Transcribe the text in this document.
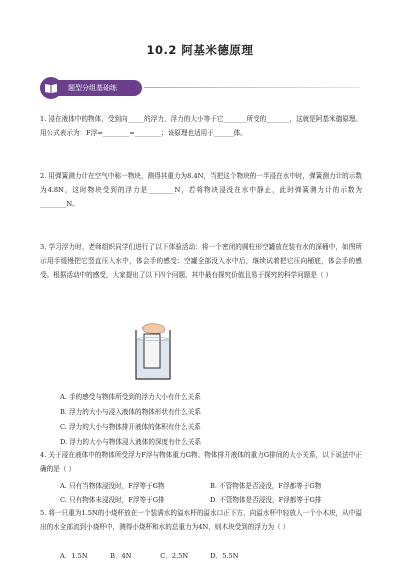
10.2 阿基米德原理
题型分组基础练
1. 浸在液体中的物体，受到向_____的浮力，浮力的大小等于它_______所受的_______，这就是阿基米德原理。用公式表示为：F浮=________=________；该原理也适用于______体。
2. 用弹簧测力计在空气中称一物块，测得其重力为8.4N，当把这个物块的一半浸在水中时，弹簧测力计的示数为4.8N，这时物块受到的浮力是________N，若将物块浸没在水中静止，此时弹簧测力计的示数为________N。
3. 学习浮力时，老师组织同学们进行了以下体验活动：将一个密闭的圆柱形空罐放在装有水的深桶中，如图所示用手缓慢把它竖直压入水中，体会手的感受：空罐全部没入水中后，继续试着把它压向桶底，体会手的感受。根据活动中的感受，大家提出了以下四个问题，其中最有探究价值且易于探究的科学问题是（ ）
A. 手的感受与物体所受到的浮力大小有什么关系
B. 浮力的大小与浸入液体的物体形状有什么关系
C. 浮力的大小与物体排开液体的体积有什么关系
D. 浮力的大小与物体浸入液体的深度有什么关系
4. 关于浸在液体中的物体所受浮力F浮与物体重力G物、物体排开液体的重力G排间的大小关系，以下说法中正确的是（ ）
A. 只有当物体浸没时，F浮等于G物	B. 不管物体是否浸没，F浮都等于G物
C. 只有物体未浸没时，F浮等于G排	D. 不管物体是否浸没，F浮都等于G排
5. 将一只重为1.5N的小烧杯放在一个装满水的溢水杯的溢水口正下方，向溢水杯中轻放入一个小木块，从中溢出的水全部流到小烧杯中，测得小烧杯和水的总重力为4N，则木块受到的浮力为（ ）
A．1.5N	B．4N	C．2.5N	D．5.5N
